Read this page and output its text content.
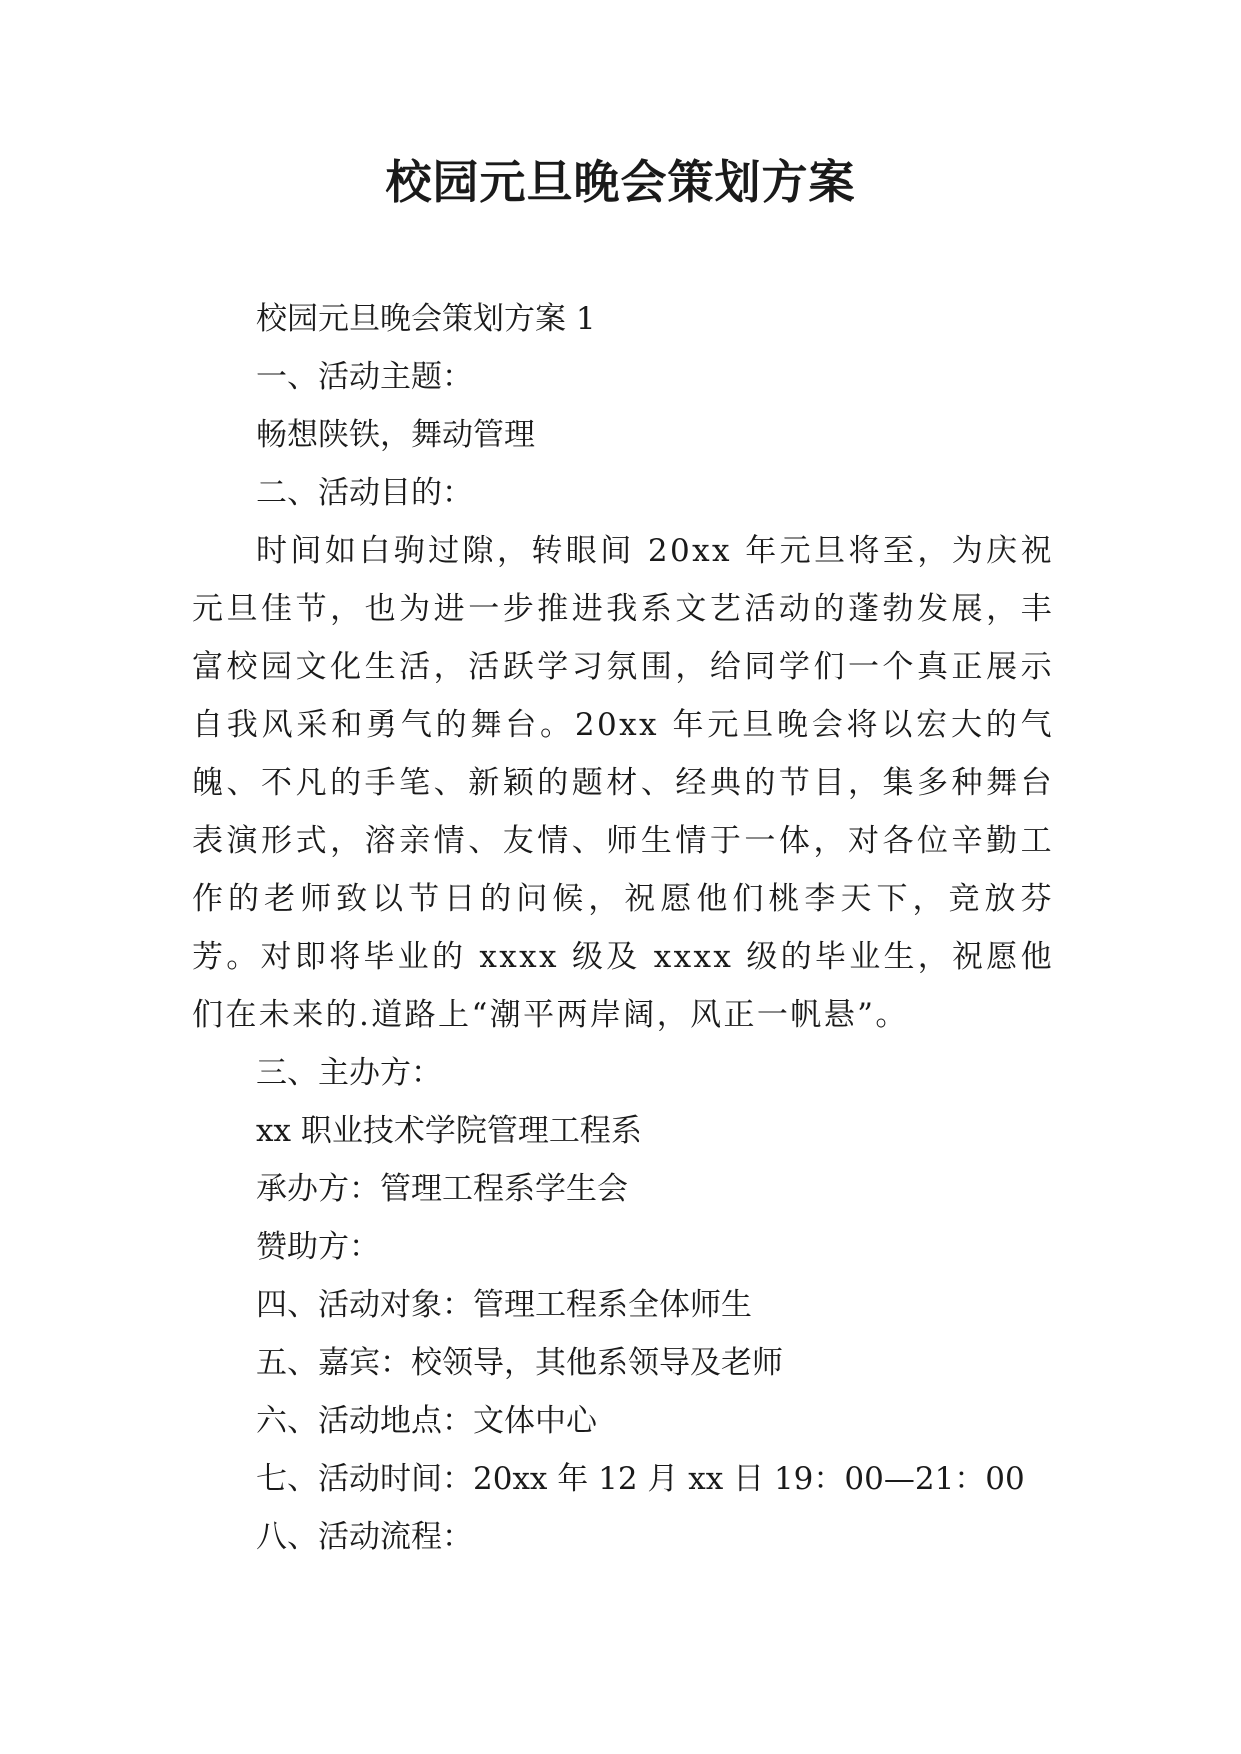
校园元旦晚会策划方案

校园元旦晚会策划方案 1

一、活动主题：

畅想陕铁，舞动管理

二、活动目的：

时间如白驹过隙，转眼间 20xx 年元旦将至，为庆祝元旦佳节，也为进一步推进我系文艺活动的蓬勃发展，丰富校园文化生活，活跃学习氛围，给同学们一个真正展示自我风采和勇气的舞台。20xx 年元旦晚会将以宏大的气魄、不凡的手笔、新颖的题材、经典的节目，集多种舞台表演形式，溶亲情、友情、师生情于一体，对各位辛勤工作的老师致以节日的问候，祝愿他们桃李天下，竞放芬芳。对即将毕业的 xxxx 级及 xxxx 级的毕业生，祝愿他们在未来的.道路上“潮平两岸阔，风正一帆悬”。

三、主办方：

xx 职业技术学院管理工程系

承办方：管理工程系学生会

赞助方：

四、活动对象：管理工程系全体师生

五、嘉宾：校领导，其他系领导及老师

六、活动地点：文体中心

七、活动时间：20xx 年 12 月 xx 日 19：00—21：00

八、活动流程：
